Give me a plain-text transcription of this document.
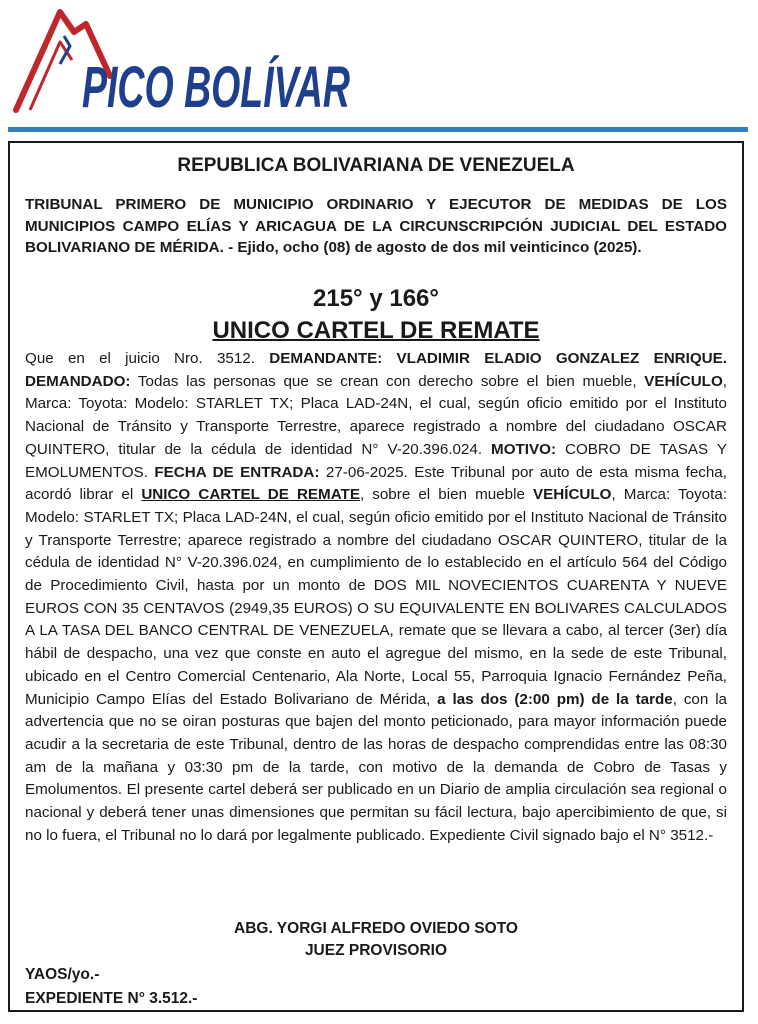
PICO BOLÍVAR
REPUBLICA BOLIVARIANA DE VENEZUELA
TRIBUNAL PRIMERO DE MUNICIPIO ORDINARIO Y EJECUTOR DE MEDIDAS DE LOS MUNICIPIOS CAMPO ELÍAS Y ARICAGUA DE LA CIRCUNSCRIPCIÓN JUDICIAL DEL ESTADO BOLIVARIANO DE MÉRIDA. - Ejido, ocho (08) de agosto de dos mil veinticinco (2025).
215° y 166°
UNICO CARTEL DE REMATE

Que en el juicio Nro. 3512. DEMANDANTE: VLADIMIR ELADIO GONZALEZ ENRIQUE. DEMANDADO: Todas las personas que se crean con derecho sobre el bien mueble, VEHÍCULO, Marca: Toyota: Modelo: STARLET TX; Placa LAD-24N, el cual, según oficio emitido por el Instituto Nacional de Tránsito y Transporte Terrestre, aparece registrado a nombre del ciudadano OSCAR QUINTERO, titular de la cédula de identidad N° V-20.396.024. MOTIVO: COBRO DE TASAS Y EMOLUMENTOS. FECHA DE ENTRADA: 27-06-2025. Este Tribunal por auto de esta misma fecha, acordó librar el UNICO CARTEL DE REMATE, sobre el bien mueble VEHÍCULO, Marca: Toyota: Modelo: STARLET TX; Placa LAD-24N, el cual, según oficio emitido por el Instituto Nacional de Tránsito y Transporte Terrestre; aparece registrado a nombre del ciudadano OSCAR QUINTERO, titular de la cédula de identidad N° V-20.396.024, en cumplimiento de lo establecido en el artículo 564 del Código de Procedimiento Civil, hasta por un monto de DOS MIL NOVECIENTOS CUARENTA Y NUEVE EUROS CON 35 CENTAVOS (2949,35 EUROS) O SU EQUIVALENTE EN BOLIVARES CALCULADOS A LA TASA DEL BANCO CENTRAL DE VENEZUELA, remate que se llevara a cabo, al tercer (3er) día hábil de despacho, una vez que conste en auto el agregue del mismo, en la sede de este Tribunal, ubicado en el Centro Comercial Centenario, Ala Norte, Local 55, Parroquia Ignacio Fernández Peña, Municipio Campo Elías del Estado Bolivariano de Mérida, a las dos (2:00 pm) de la tarde, con la advertencia que no se oiran posturas que bajen del monto peticionado, para mayor información puede acudir a la secretaria de este Tribunal, dentro de las horas de despacho comprendidas entre las 08:30 am de la mañana y 03:30 pm de la tarde, con motivo de la demanda de Cobro de Tasas y Emolumentos. El presente cartel deberá ser publicado en un Diario de amplia circulación sea regional o nacional y deberá tener unas dimensiones que permitan su fácil lectura, bajo apercibimiento de que, si no lo fuera, el Tribunal no lo dará por legalmente publicado. Expediente Civil signado bajo el N° 3512.-

ABG. YORGI ALFREDO OVIEDO SOTO
JUEZ PROVISORIO
YAOS/yo.-
EXPEDIENTE N° 3.512.-
